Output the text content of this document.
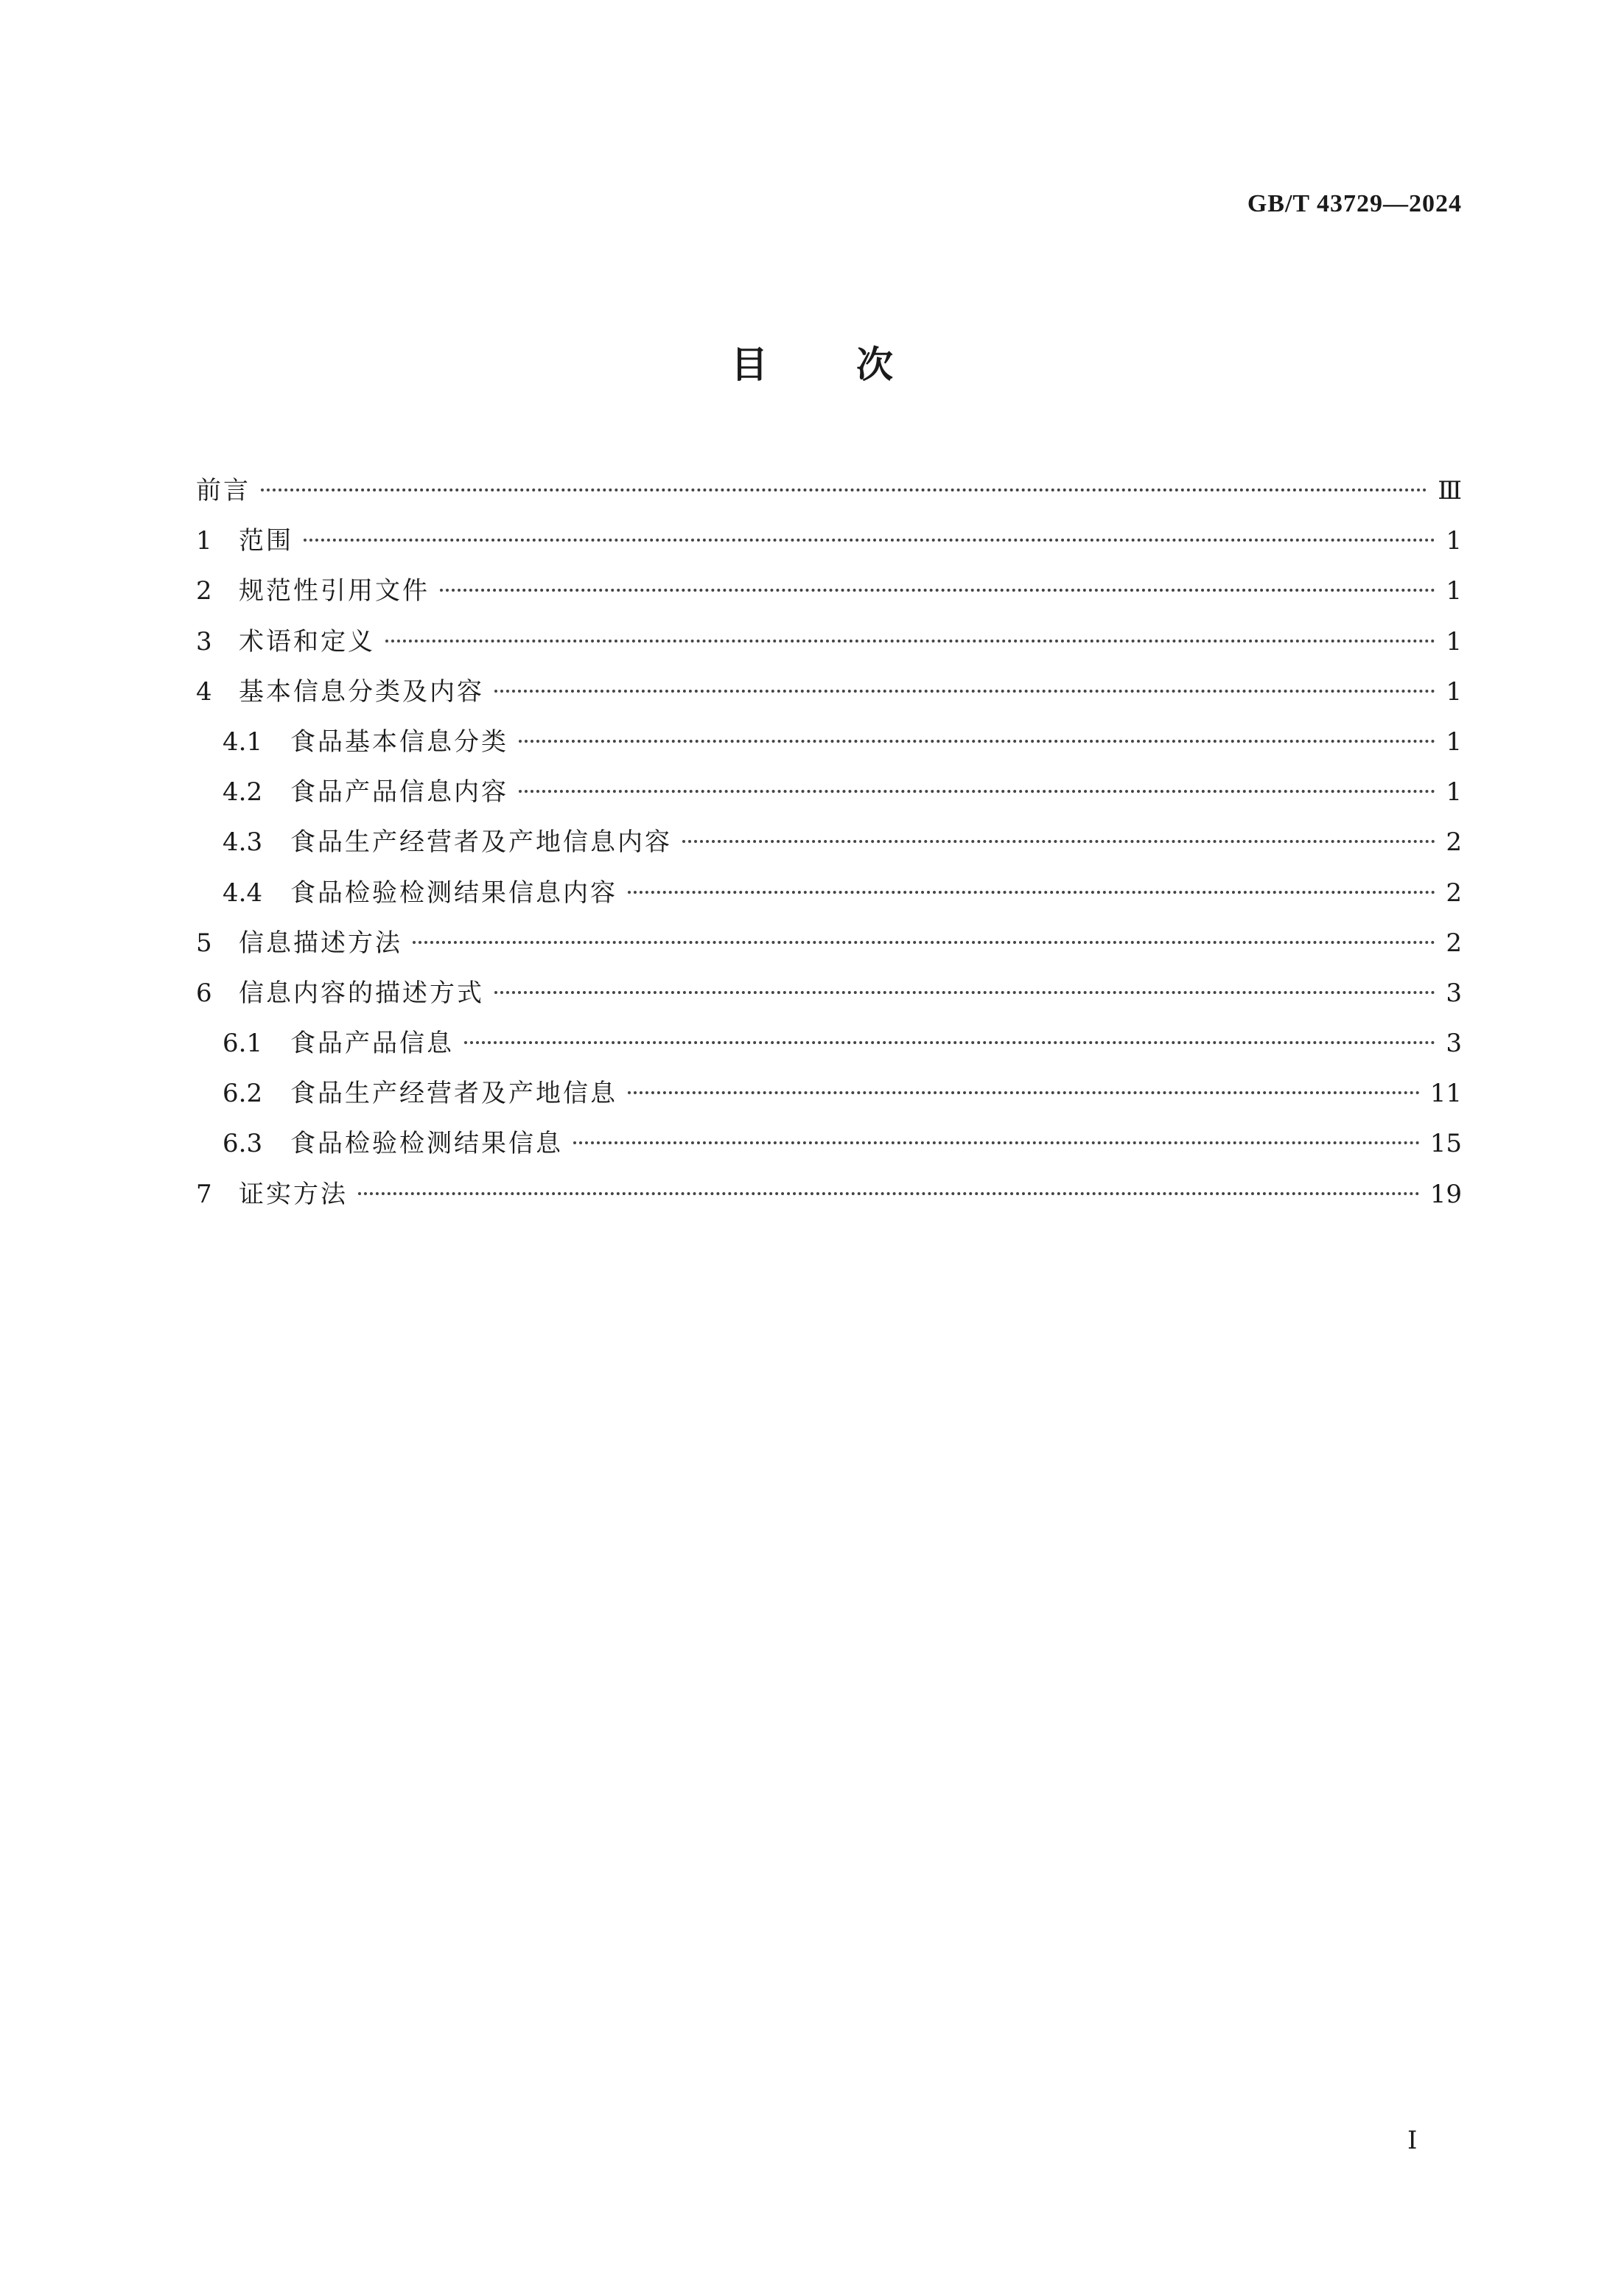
GB/T 43729—2024
目次
前言	Ⅲ
1	范围	1
2	规范性引用文件	1
3	术语和定义	1
4	基本信息分类及内容	1
4.1	食品基本信息分类	1
4.2	食品产品信息内容	1
4.3	食品生产经营者及产地信息内容	2
4.4	食品检验检测结果信息内容	2
5	信息描述方法	2
6	信息内容的描述方式	3
6.1	食品产品信息	3
6.2	食品生产经营者及产地信息	11
6.3	食品检验检测结果信息	15
7	证实方法	19
I
